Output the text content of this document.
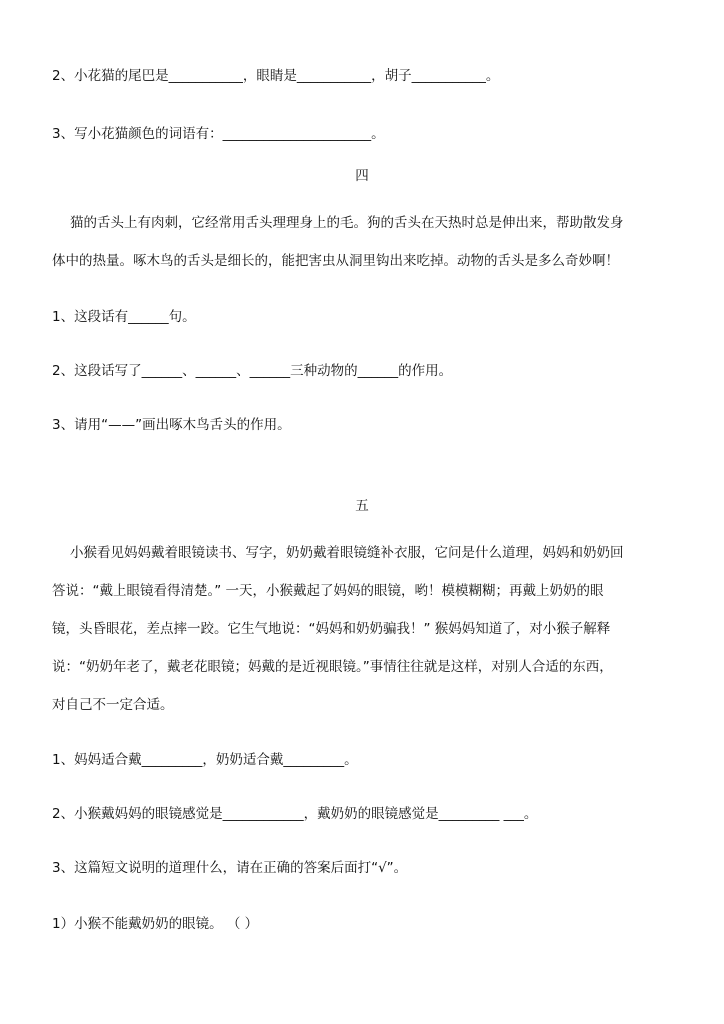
2、小花猫的尾巴是___________，眼睛是___________，胡子___________。
3、写小花猫颜色的词语有：______________________。
四
猫的舌头上有肉刺，它经常用舌头理理身上的毛。狗的舌头在天热时总是伸出来，帮助散发身
体中的热量。啄木鸟的舌头是细长的，能把害虫从洞里钩出来吃掉。动物的舌头是多么奇妙啊！
1、这段话有______句。
2、这段话写了______、______、______三种动物的______的作用。
3、请用“——”画出啄木鸟舌头的作用。
五
小猴看见妈妈戴着眼镜读书、写字，奶奶戴着眼镜缝补衣服，它问是什么道理，妈妈和奶奶回
答说：“戴上眼镜看得清楚。” 一天，小猴戴起了妈妈的眼镜，哟！模模糊糊；再戴上奶奶的眼
镜，头昏眼花，差点摔一跤。它生气地说：“妈妈和奶奶骗我！” 猴妈妈知道了，对小猴子解释
说：“奶奶年老了，戴老花眼镜；妈戴的是近视眼镜。”事情往往就是这样，对别人合适的东西，
对自己不一定合适。
1、妈妈适合戴_________，奶奶适合戴_________。
2、小猴戴妈妈的眼镜感觉是____________，戴奶奶的眼镜感觉是_________ ___。
3、这篇短文说明的道理什么，请在正确的答案后面打“√”。
1）小猴不能戴奶奶的眼镜。 （ ）
